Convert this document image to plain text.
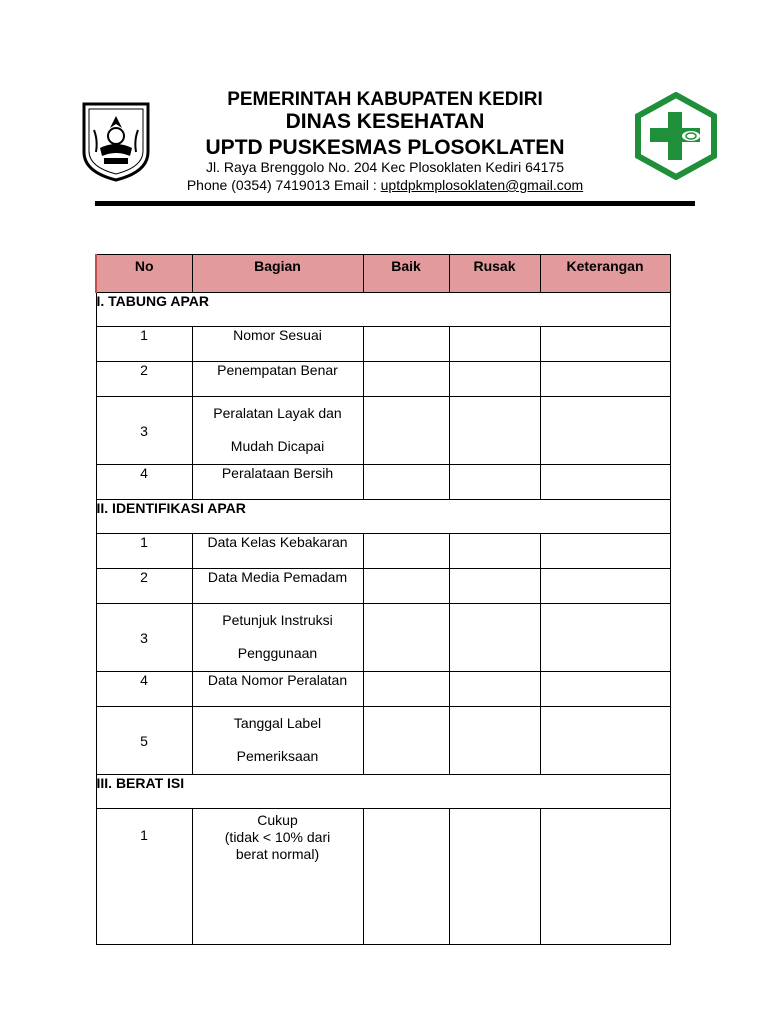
PEMERINTAH KABUPATEN KEDIRI
DINAS KESEHATAN
UPTD PUSKESMAS PLOSOKLATEN
Jl. Raya Brenggolo No. 204 Kec Plosoklaten Kediri 64175
Phone (0354) 7419013 Email : uptdpkmplosoklaten@gmail.com
No	Bagian	Baik	Rusak	Keterangan
I. TABUNG APAR				
1	Nomor Sesuai			

2	Penempatan Benar			

3	Peralatan Layak dan
Mudah Dicapai			

4	Peralataan Bersih			

II. IDENTIFIKASI APAR				
1	Data Kelas Kebakaran			

2	Data Media Pemadam			

3	Petunjuk Instruksi
Penggunaan			

4	Data Nomor Peralatan			

5	Tanggal Label
Pemeriksaan			

III. BERAT ISI				
1	Cukup
(tidak < 10% dari
berat normal)			
